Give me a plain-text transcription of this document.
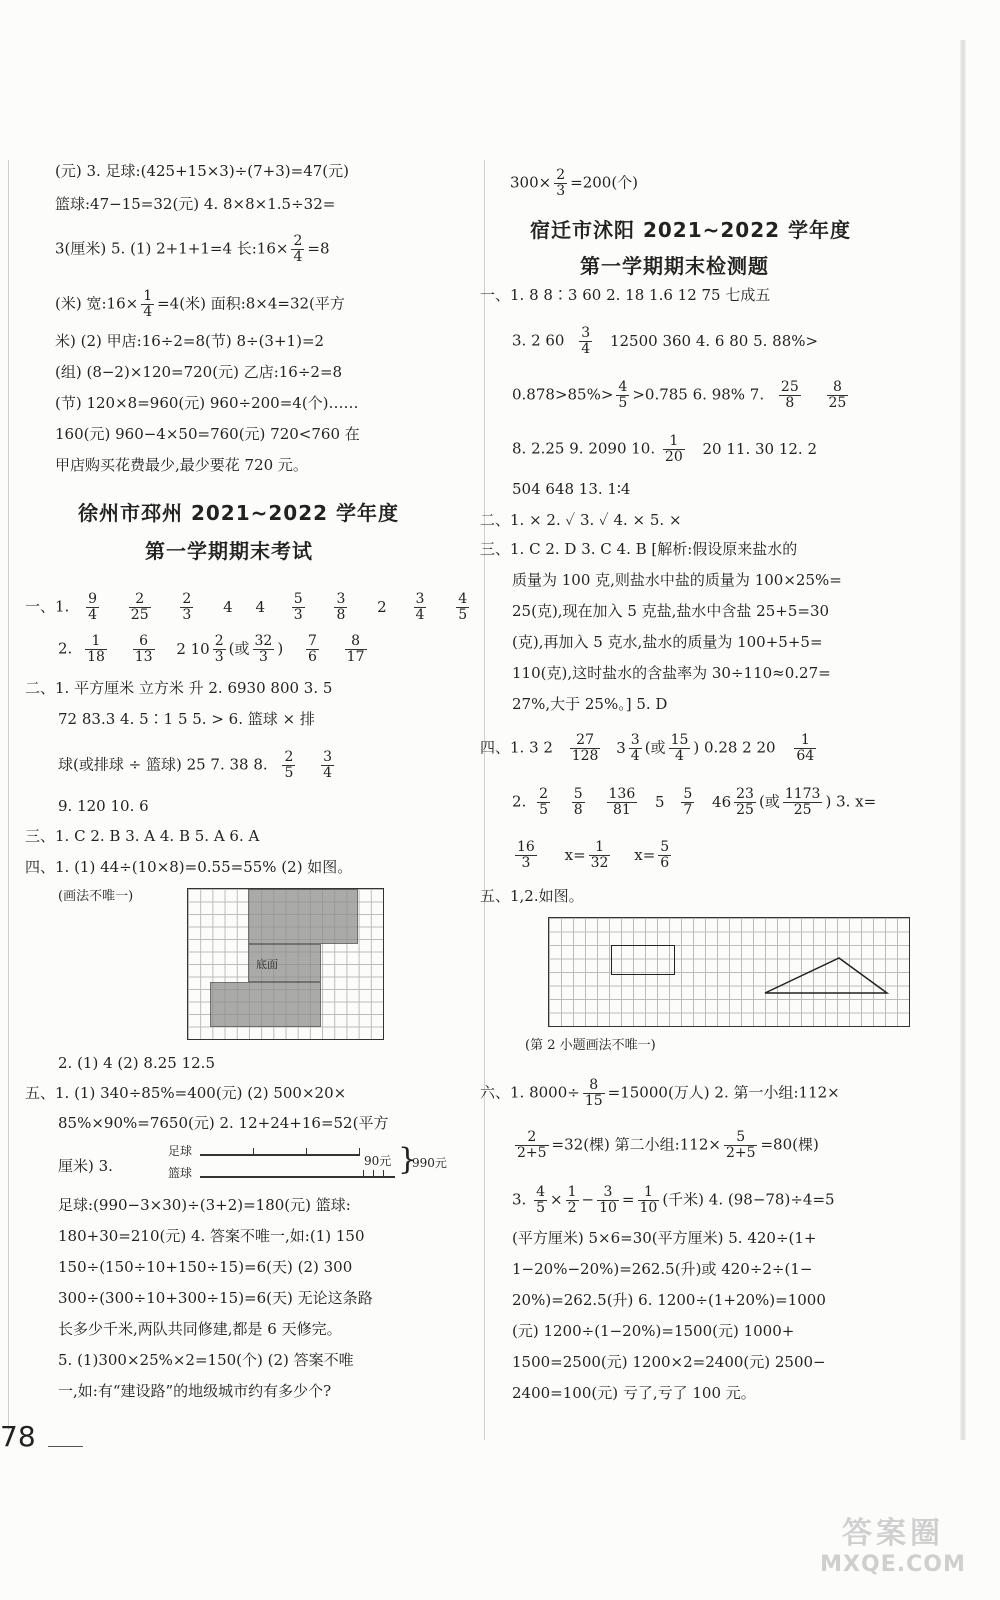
(元) 3. 足球:(425+15×3)÷(7+3)=47(元)
篮球:47−15=32(元) 4. 8×8×1.5÷32=
3(厘米) 5. (1) 2+1+1=4 长:16× $\frac{2}{4} =8$
(米) 宽:16× $\frac{1}{4} =4$(米) 面积:8×4=32(平方
米) (2) 甲店:16÷2=8(节) 8÷(3+1)=2
(组) (8−2)×120=720(元) 乙店:16÷2=8
(节) 120×8=960(元) 960÷200=4(个)……
160(元) 960−4×50=760(元) 720<760 在
甲店购买花费最少,最少要花 720 元。
徐州市邳州 2021~2022 学年度
第一学期期末考试
一、1. $\frac{9}{4}$
$\frac{2}{25}$
$\frac{2}{3} 4$ $4 \frac{5}{3}$
$\frac{3}{8} 2 \frac{3}{4}$
$\frac{4}{5}$
2. $\frac{1}{18}$
$\frac{6}{13} 2$ $10 \frac{2}{3}$ (或 $\frac{32}{3}$ ) $\frac{7}{6}$
$\frac{8}{17}$
二、1. 平方厘米 立方米 升 2. 6930 800 3. 5
72 83.3 4. 5∶1 5 5. > 6. 篮球 × 排
球(或排球 ÷ 篮球) 25 7. 38 8. $\frac{2}{5}$
$\frac{3}{4}$
9. 120 10. 6
三、1. C 2. B 3. A 4. B 5. A 6. A
四、1. (1) 44÷(10×8)=0.55=55% (2) 如图。
(画法不唯一)
底面
2. (1) 4 (2) 8.25 12.5
五、1. (1) 340÷85%=400(元) (2) 500×20×
85%×90%=7650(元) 2. 12+24+16=52(平方
厘米) 3.
足球
篮球
90元 }
990元
足球:(990−3×30)÷(3+2)=180(元) 篮球:
180+30=210(元) 4. 答案不唯一,如:(1) 150
150÷(150÷10+150÷15)=6(天) (2) 300
300÷(300÷10+300÷15)=6(天) 无论这条路
长多少千米,两队共同修建,都是 6 天修完。
5. (1)300×25%×2=150(个) (2) 答案不唯
一,如:有“建设路”的地级城市约有多少个?
$300\times \frac{2}{3} =200$(个)
宿迁市沭阳 2021~2022 学年度
第一学期期末检测题
一、1. 8 8∶3 60 2. 18 1.6 12 75 七成五
3. 2 $60 \frac{3}{4} 12500$ 360 4. 6 80 5. 88%>
$0.878>85\%> \frac{4}{5} >0.785$ 6. 98% 7. $\frac{25}{8}$
$\frac{8}{25}$
8. 2.25 9. 2090 10. $\frac{1}{20} 20$ 11. 30 12. 2
504 648 13. 1∶4
二、1. × 2. ✓ 3. ✓ 4. × 5. ×
三、1. C 2. D 3. C 4. B [解析:假设原来盐水的
质量为 100 克,则盐水中盐的质量为 100×25%=
25(克),现在加入 5 克盐,盐水中含盐 25+5=30
(克),再加入 5 克水,盐水的质量为 100+5+5=
110(克),这时盐水的含盐率为 30÷110≈0.27=
27%,大于 25%。] 5. D
四、1. 3 $2 \frac{27}{128} 3 \frac{3}{4}$ (或 $\frac{15}{4}$ ) 0.28 2 $20 \frac{1}{64}$
2. $\frac{2}{5}$
$\frac{5}{8}$
$\frac{136}{81} 5 \frac{5}{7} 46 \frac{23}{25}$ (或 $\frac{1173}{25}$ ) 3. x=
$\frac{16}{3} x= \frac{1}{32} x= \frac{5}{6}$
五、1,2.如图。
(第 2 小题画法不唯一)
六、1. $8000\div \frac{8}{15} =15000$(万人) 2. 第一小组:112×
$\frac{2}{2+5} =32$(棵) 第二小组:112× $\frac{5}{2+5} =80$(棵)
3. $\frac{4}{5} \times \frac{1}{2} - \frac{3}{10} = \frac{1}{10}$ (千米) 4. (98−78)÷4=5
(平方厘米) 5×6=30(平方厘米) 5. 420÷(1+
1−20%−20%)=262.5(升)或 420÷2÷(1−
20%)=262.5(升) 6. 1200÷(1+20%)=1000
(元) 1200÷(1−20%)=1500(元) 1000+
1500=2500(元) 1200×2=2400(元) 2500−
2400=100(元) 亏了,亏了 100 元。
78
答案圈
MXQE.COM
